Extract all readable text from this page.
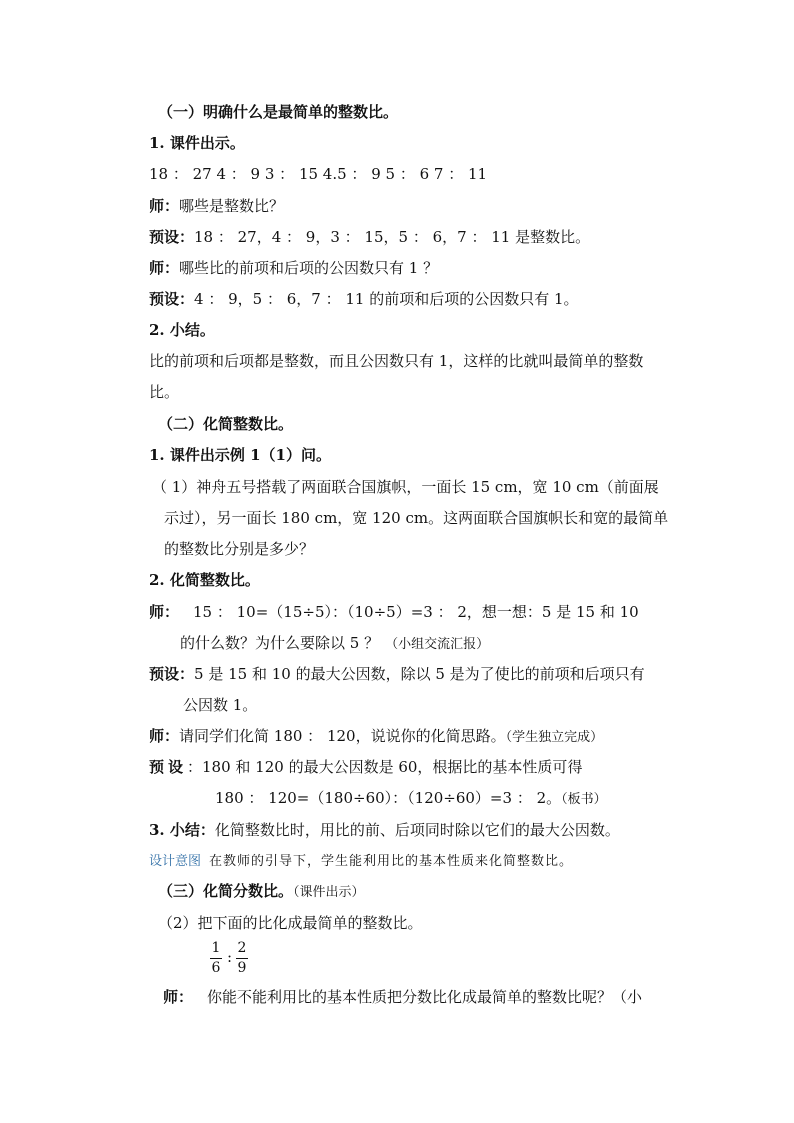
（一）明确什么是最简单的整数比。
1. 课件出示。
18 ： 27 4 ： 9 3 ： 15 4.5 ： 9 5 ： 6 7 ： 11
师：哪些是整数比？
预设：18 ： 27，4 ： 9，3 ： 15，5 ： 6，7 ： 11 是整数比。
师：哪些比的前项和后项的公因数只有 1 ？
预设：4 ： 9，5 ： 6，7 ： 11 的前项和后项的公因数只有 1。
2. 小结。
比的前项和后项都是整数，而且公因数只有 1，这样的比就叫最简单的整数
比。
（二）化简整数比。
1. 课件出示例 1（1）问。
（ 1）神舟五号搭载了两面联合国旗帜，一面长 15 cm，宽 10 cm（前面展
示过），另一面长 180 cm，宽 120 cm。这两面联合国旗帜长和宽的最简单
的整数比分别是多少？
2. 化简整数比。
师： 15 ： 10=（15÷5）：（10÷5）=3 ： 2，想一想：5 是 15 和 10
的什么数？为什么要除以 5 ？ （小组交流汇报）
预设：5 是 15 和 10 的最大公因数，除以 5 是为了使比的前项和后项只有
公因数 1。
师：请同学们化简 180 ： 120，说说你的化简思路。（学生独立完成）
预设：180 和 120 的最大公因数是 60，根据比的基本性质可得
180 ： 120=（180÷60）：（120÷60）=3 ： 2。（板书）
3. 小结：化简整数比时，用比的前、后项同时除以它们的最大公因数。
设计意图 在教师的引导下，学生能利用比的基本性质来化简整数比。
（三）化简分数比。（课件出示）
（2）把下面的比化成最简单的整数比。
1
6
: 2
9
师： 你能不能利用比的基本性质把分数比化成最简单的整数比呢？（小
